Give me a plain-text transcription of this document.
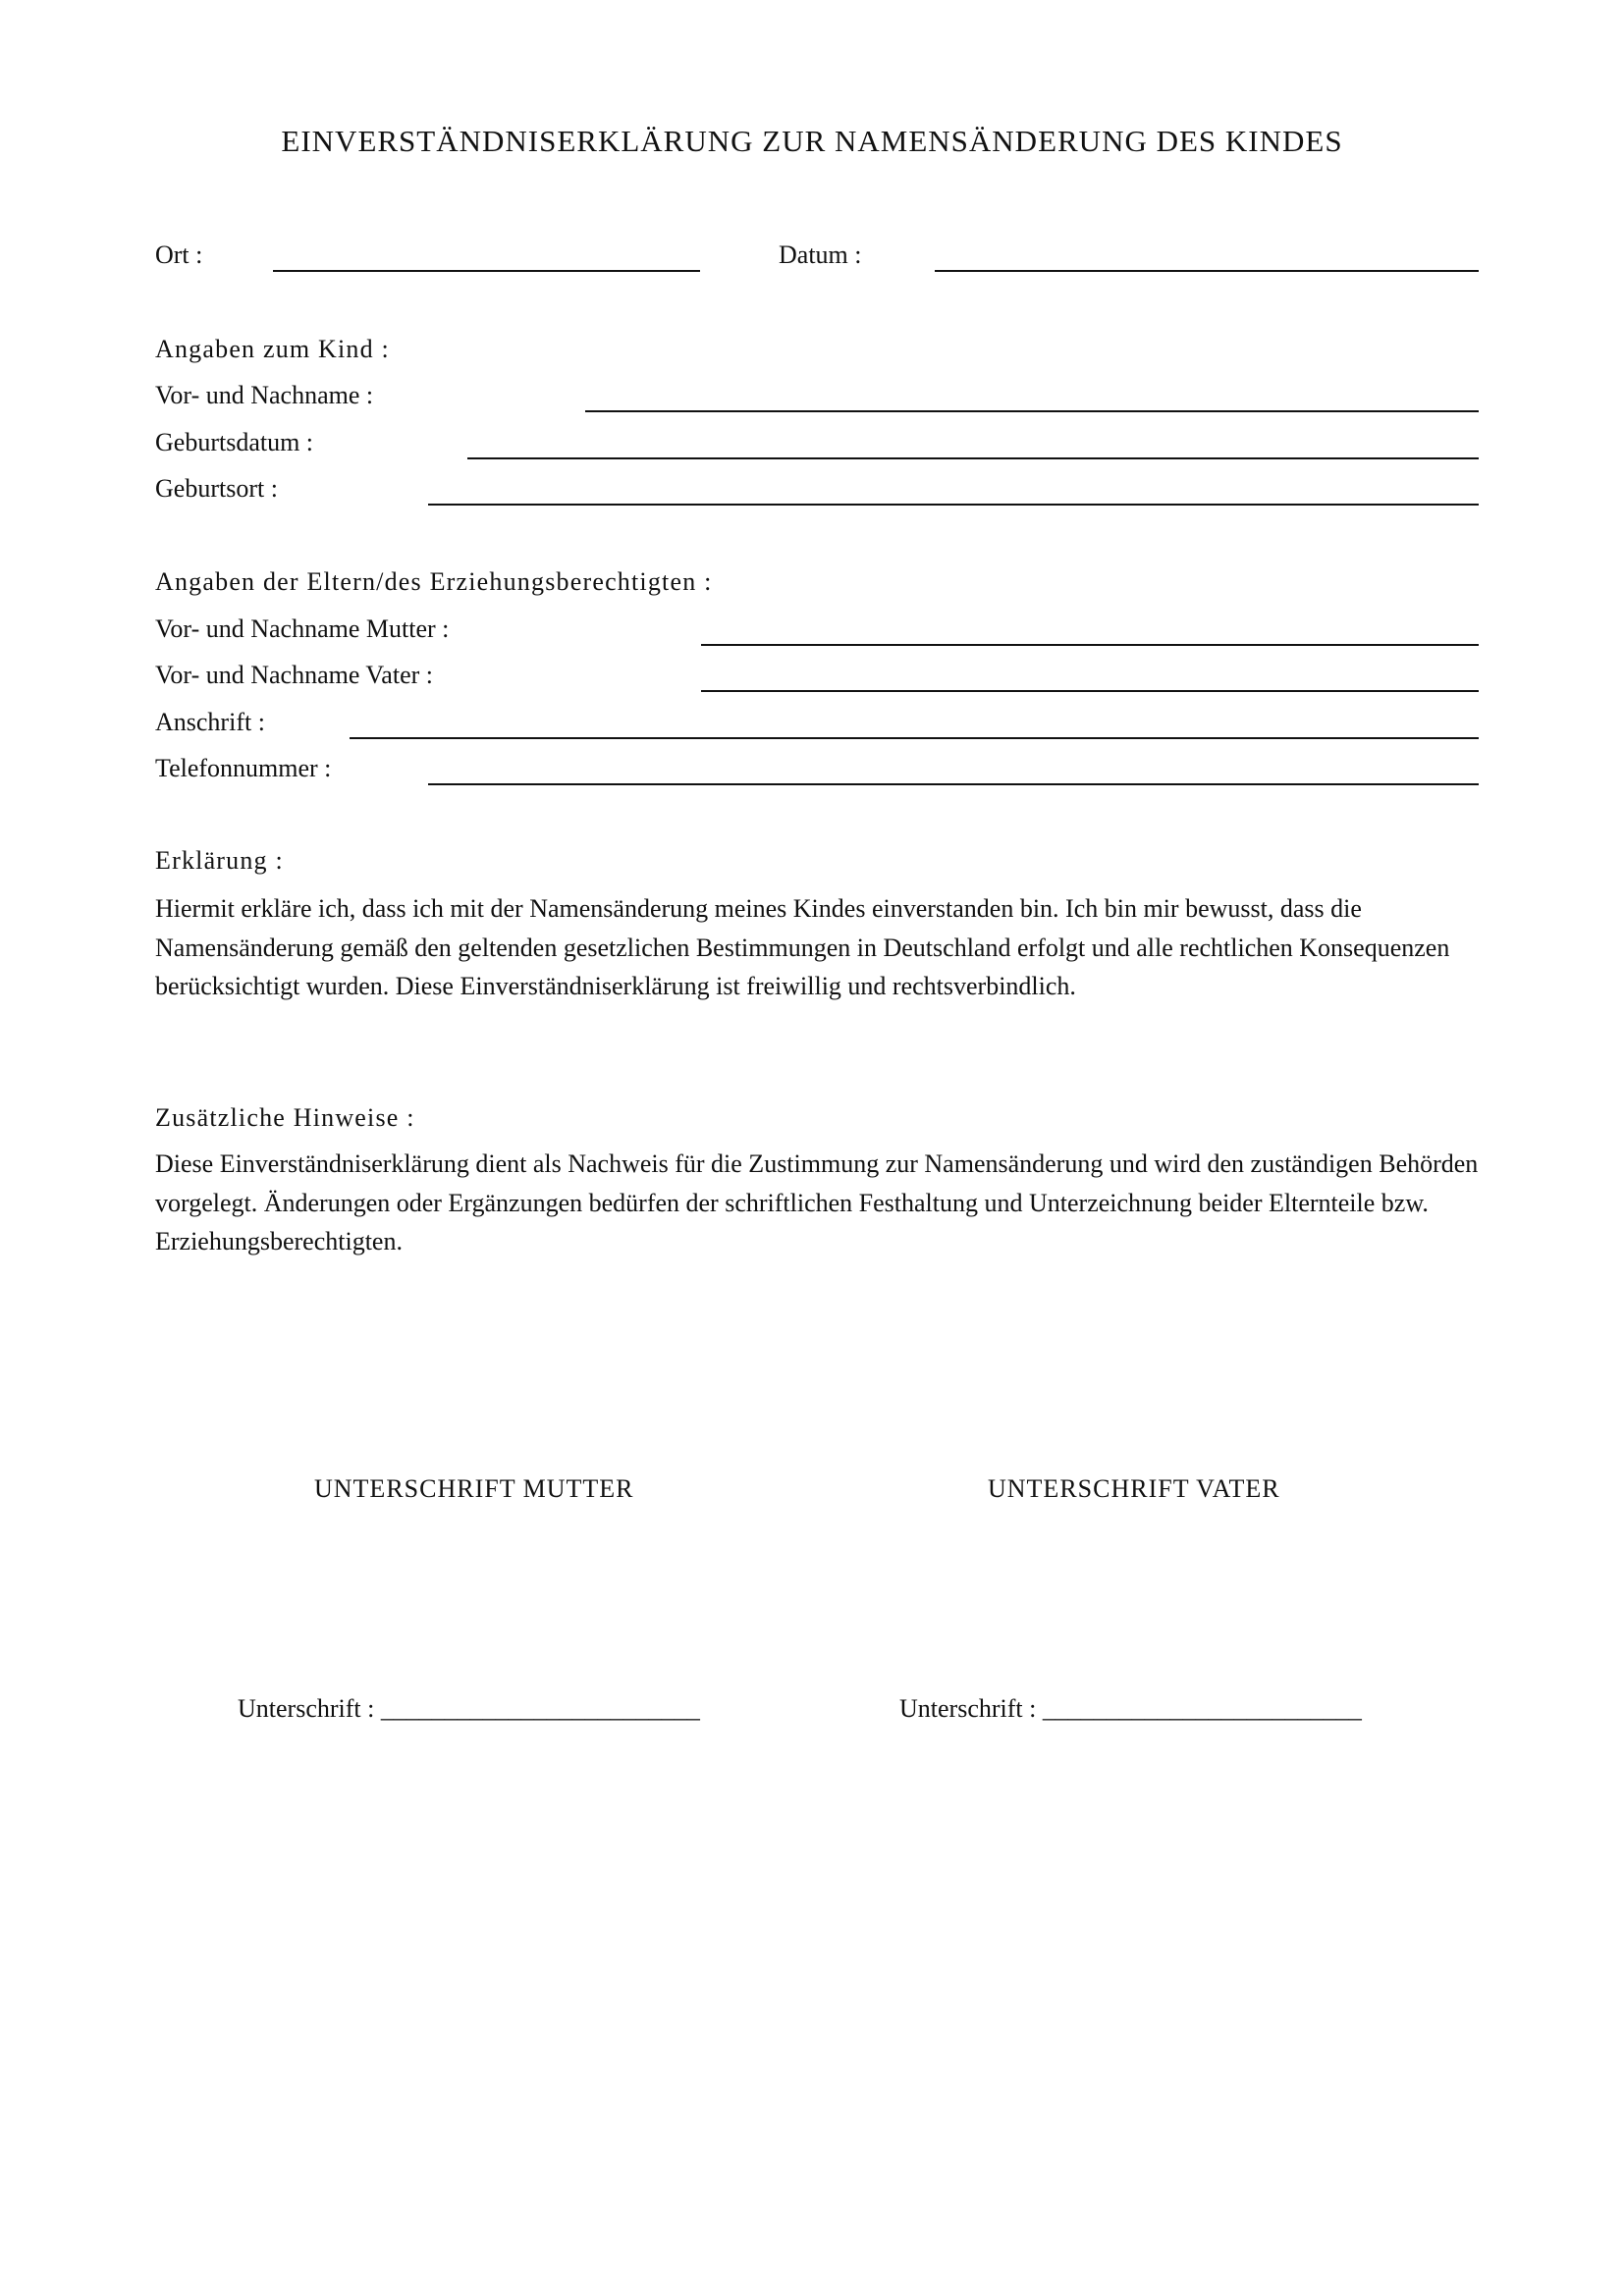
EINVERSTÄNDNISERKLÄRUNG ZUR NAMENSÄNDERUNG DES KINDES
Ort :	Datum :
Angaben zum Kind :
Vor- und Nachname :
Geburtsdatum :
Geburtsort :
Angaben der Eltern/des Erziehungsberechtigten :
Vor- und Nachname Mutter :
Vor- und Nachname Vater :
Anschrift :
Telefonnummer :
Erklärung :
Hiermit erkläre ich, dass ich mit der Namensänderung meines Kindes einverstanden bin. Ich bin mir bewusst, dass die Namensänderung gemäß den geltenden gesetzlichen Bestimmungen in Deutschland erfolgt und alle rechtlichen Konsequenzen berücksichtigt wurden. Diese Einverständniserklärung ist freiwillig und rechtsverbindlich.
Zusätzliche Hinweise :
Diese Einverständniserklärung dient als Nachweis für die Zustimmung zur Namensänderung und wird den zuständigen Behörden vorgelegt. Änderungen oder Ergänzungen bedürfen der schriftlichen Festhaltung und Unterzeichnung beider Elternteile bzw. Erziehungsberechtigten.
UNTERSCHRIFT MUTTER	UNTERSCHRIFT VATER
Unterschrift : _________________________	Unterschrift : _________________________
